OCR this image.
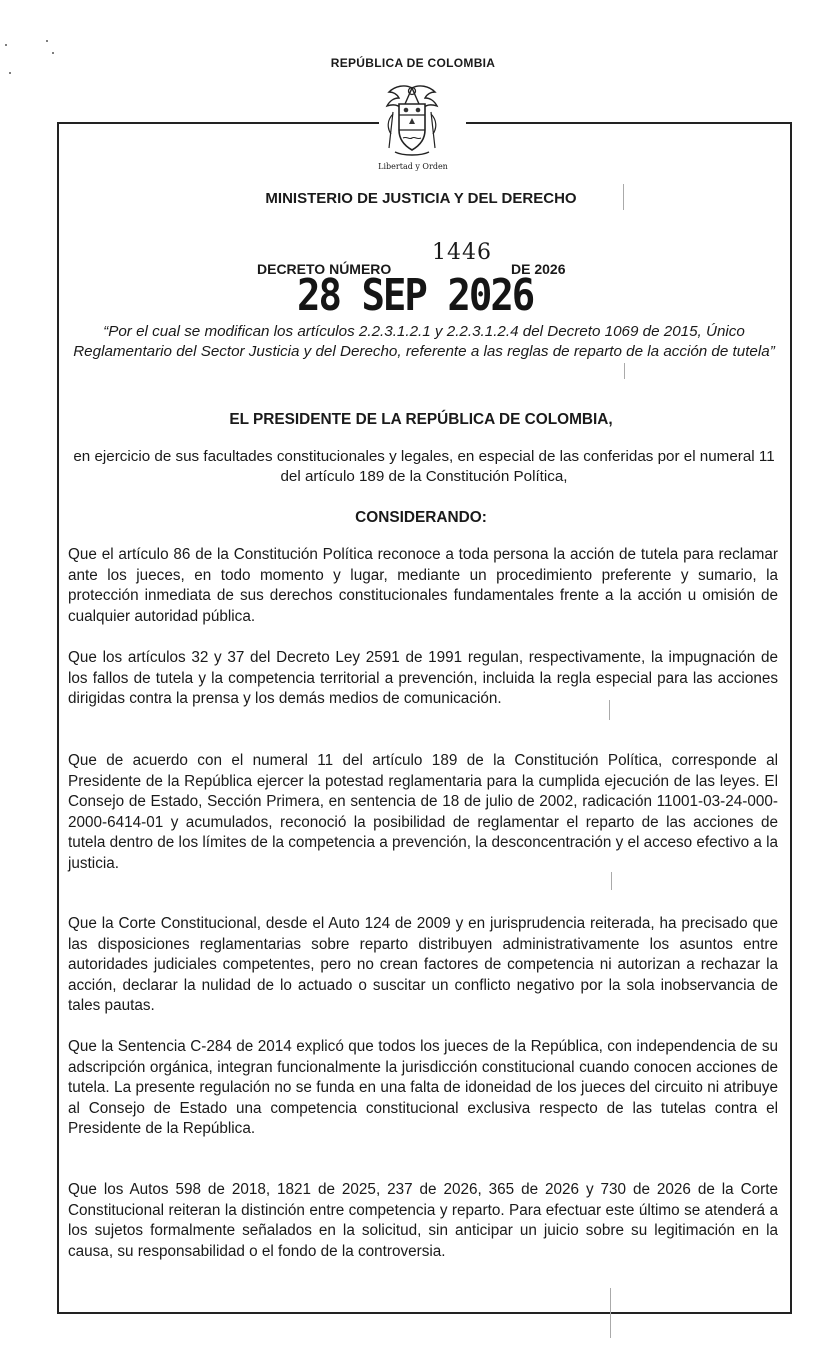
REPÚBLICA DE COLOMBIA
Libertad y Orden
MINISTERIO DE JUSTICIA Y DEL DERECHO
DECRETO NÚMERO
1446
DE 2026
28 SEP 2026
“Por el cual se modifican los artículos 2.2.3.1.2.1 y 2.2.3.1.2.4 del Decreto 1069 de 2015, Único Reglamentario del Sector Justicia y del Derecho, referente a las reglas de reparto de la acción de tutela”
EL PRESIDENTE DE LA REPÚBLICA DE COLOMBIA,
en ejercicio de sus facultades constitucionales y legales, en especial de las conferidas por el numeral 11 del artículo 189 de la Constitución Política,
CONSIDERANDO:
Que el artículo 86 de la Constitución Política reconoce a toda persona la acción de tutela para reclamar ante los jueces, en todo momento y lugar, mediante un procedimiento preferente y sumario, la protección inmediata de sus derechos constitucionales fundamentales frente a la acción u omisión de cualquier autoridad pública.
Que los artículos 32 y 37 del Decreto Ley 2591 de 1991 regulan, respectivamente, la impugnación de los fallos de tutela y la competencia territorial a prevención, incluida la regla especial para las acciones dirigidas contra la prensa y los demás medios de comunicación.
Que de acuerdo con el numeral 11 del artículo 189 de la Constitución Política, corresponde al Presidente de la República ejercer la potestad reglamentaria para la cumplida ejecución de las leyes. El Consejo de Estado, Sección Primera, en sentencia de 18 de julio de 2002, radicación 11001-03-24-000-2000-6414-01 y acumulados, reconoció la posibilidad de reglamentar el reparto de las acciones de tutela dentro de los límites de la competencia a prevención, la desconcentración y el acceso efectivo a la justicia.
Que la Corte Constitucional, desde el Auto 124 de 2009 y en jurisprudencia reiterada, ha precisado que las disposiciones reglamentarias sobre reparto distribuyen administrativamente los asuntos entre autoridades judiciales competentes, pero no crean factores de competencia ni autorizan a rechazar la acción, declarar la nulidad de lo actuado o suscitar un conflicto negativo por la sola inobservancia de tales pautas.
Que la Sentencia C-284 de 2014 explicó que todos los jueces de la República, con independencia de su adscripción orgánica, integran funcionalmente la jurisdicción constitucional cuando conocen acciones de tutela. La presente regulación no se funda en una falta de idoneidad de los jueces del circuito ni atribuye al Consejo de Estado una competencia constitucional exclusiva respecto de las tutelas contra el Presidente de la República.
Que los Autos 598 de 2018, 1821 de 2025, 237 de 2026, 365 de 2026 y 730 de 2026 de la Corte Constitucional reiteran la distinción entre competencia y reparto. Para efectuar este último se atenderá a los sujetos formalmente señalados en la solicitud, sin anticipar un juicio sobre su legitimación en la causa, su responsabilidad o el fondo de la controversia.
